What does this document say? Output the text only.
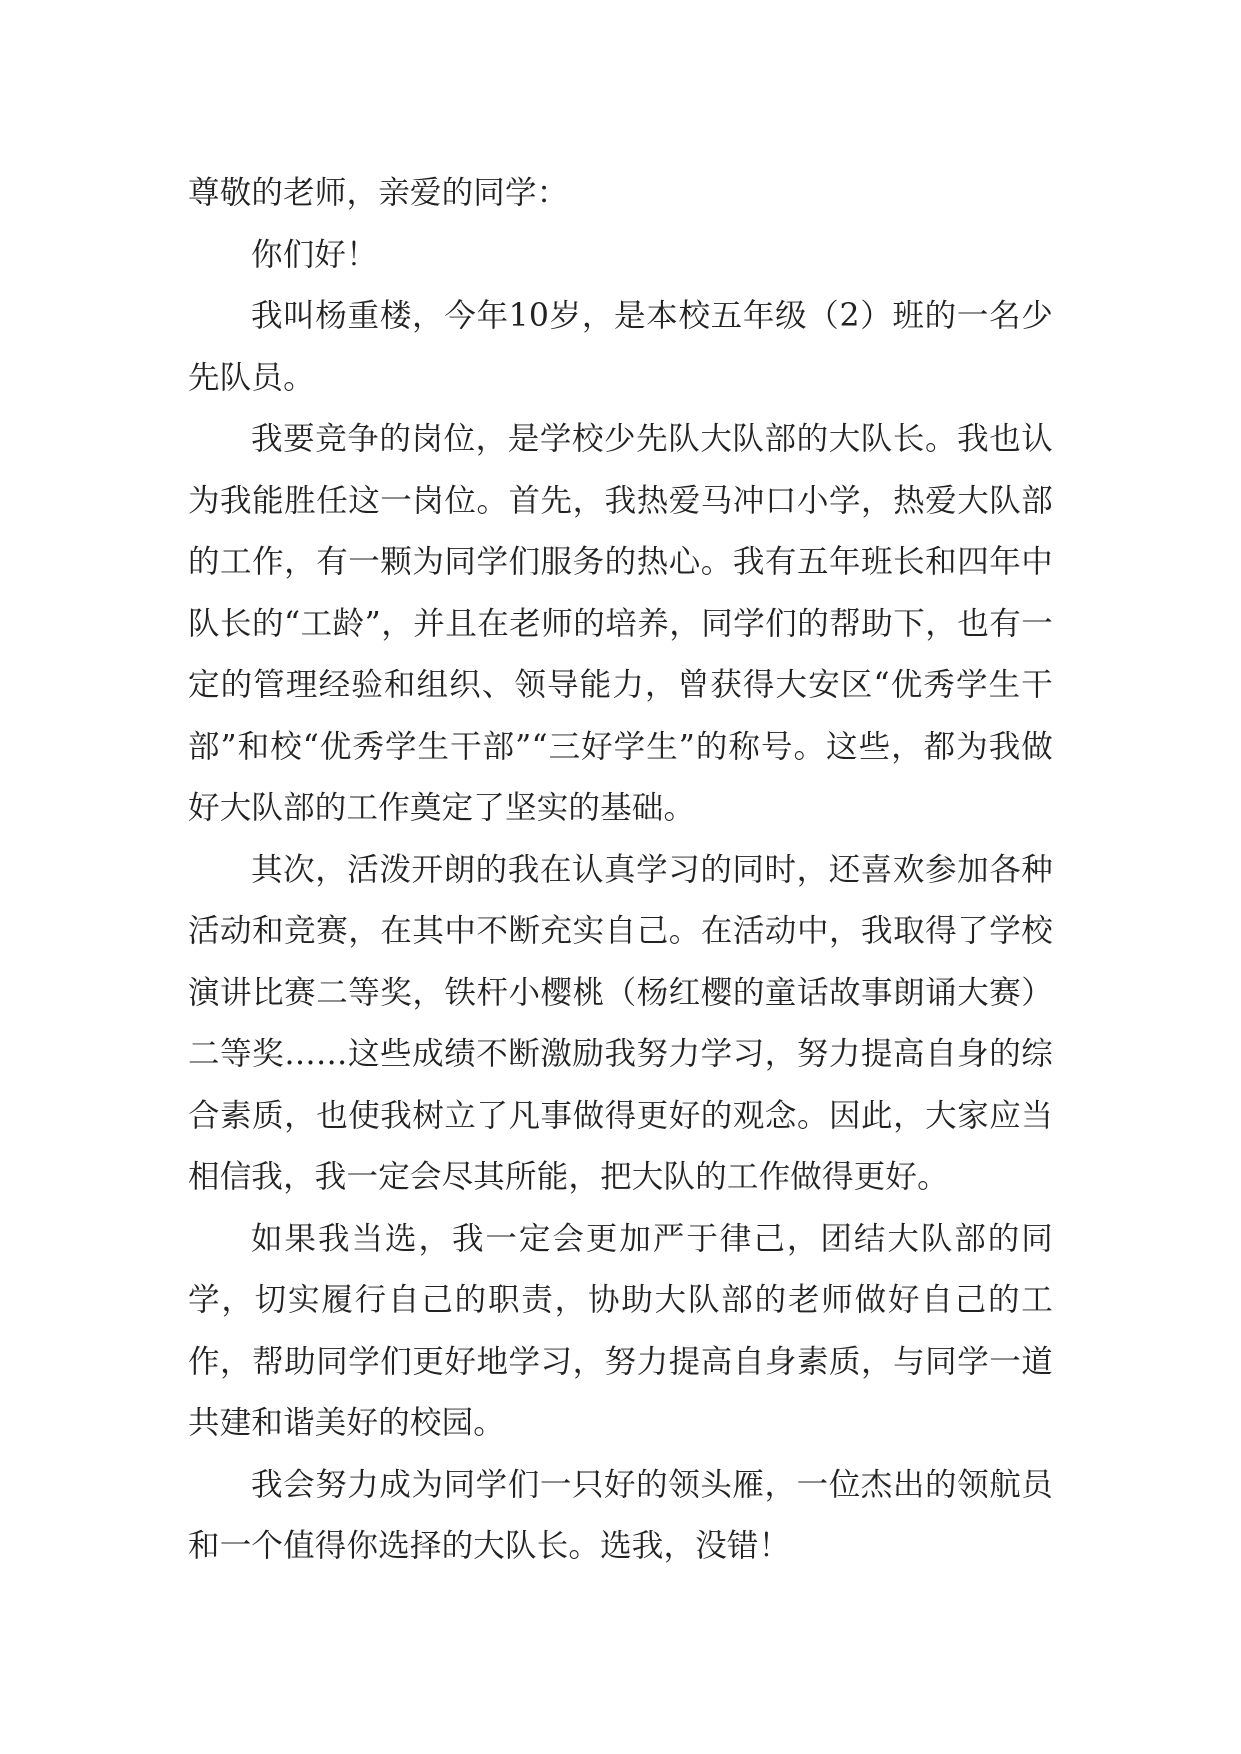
尊敬的老师，亲爱的同学：

你们好！

我叫杨重楼，今年10岁，是本校五年级（2）班的一名少先队员。

我要竞争的岗位，是学校少先队大队部的大队长。我也认为我能胜任这一岗位。首先，我热爱马冲口小学，热爱大队部的工作，有一颗为同学们服务的热心。我有五年班长和四年中队长的“工龄”，并且在老师的培养，同学们的帮助下，也有一定的管理经验和组织、领导能力，曾获得大安区“优秀学生干部”和校“优秀学生干部”“三好学生”的称号。这些，都为我做好大队部的工作奠定了坚实的基础。

其次，活泼开朗的我在认真学习的同时，还喜欢参加各种活动和竞赛，在其中不断充实自己。在活动中，我取得了学校演讲比赛二等奖，铁杆小樱桃（杨红樱的童话故事朗诵大赛）二等奖……这些成绩不断激励我努力学习，努力提高自身的综合素质，也使我树立了凡事做得更好的观念。因此，大家应当相信我，我一定会尽其所能，把大队的工作做得更好。

如果我当选，我一定会更加严于律己，团结大队部的同学，切实履行自己的职责，协助大队部的老师做好自己的工作，帮助同学们更好地学习，努力提高自身素质，与同学一道共建和谐美好的校园。

我会努力成为同学们一只好的领头雁，一位杰出的领航员和一个值得你选择的大队长。选我，没错！
